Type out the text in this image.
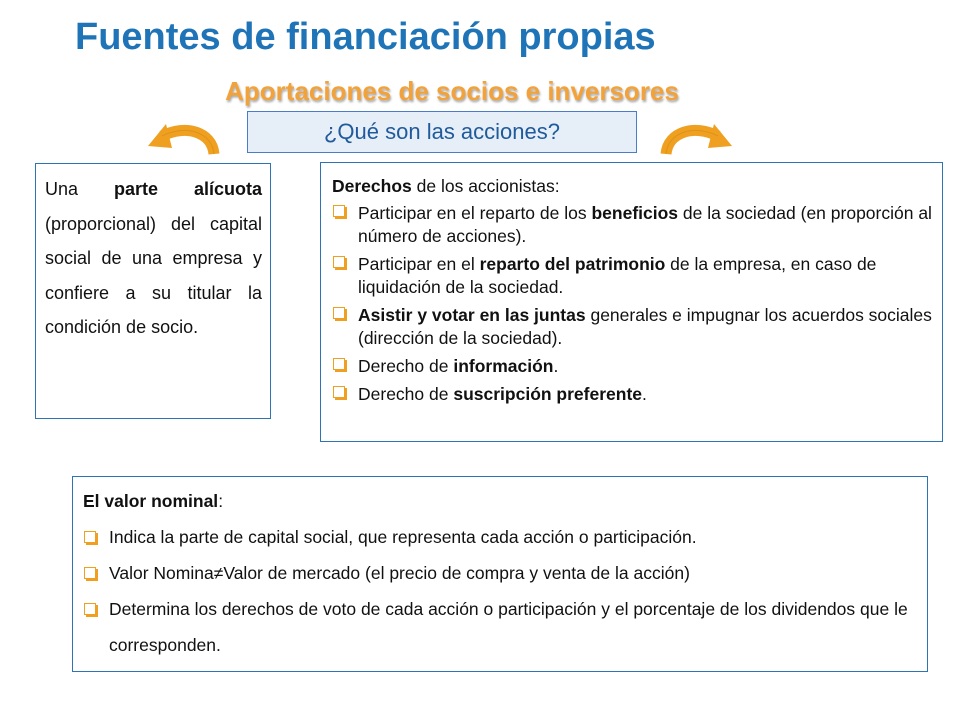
Fuentes de financiación propias
Aportaciones de socios e inversores
¿Qué son las acciones?

Una parte alícuota (proporcional) del capital social de una empresa y confiere a su titular la condición de socio.

Derechos de los accionistas:

Participar en el reparto de los beneficios de la sociedad (en proporción al número de acciones).
Participar en el reparto del patrimonio de la empresa, en caso de liquidación de la sociedad.
Asistir y votar en las juntas generales e impugnar los acuerdos sociales (dirección de la sociedad).
Derecho de información.
Derecho de suscripción preferente.

El valor nominal:

Indica la parte de capital social, que representa cada acción o participación.
Valor Nomina≠Valor de mercado (el precio de compra y venta de la acción)
Determina los derechos de voto de cada acción o participación y el porcentaje de los dividendos que le corresponden.
